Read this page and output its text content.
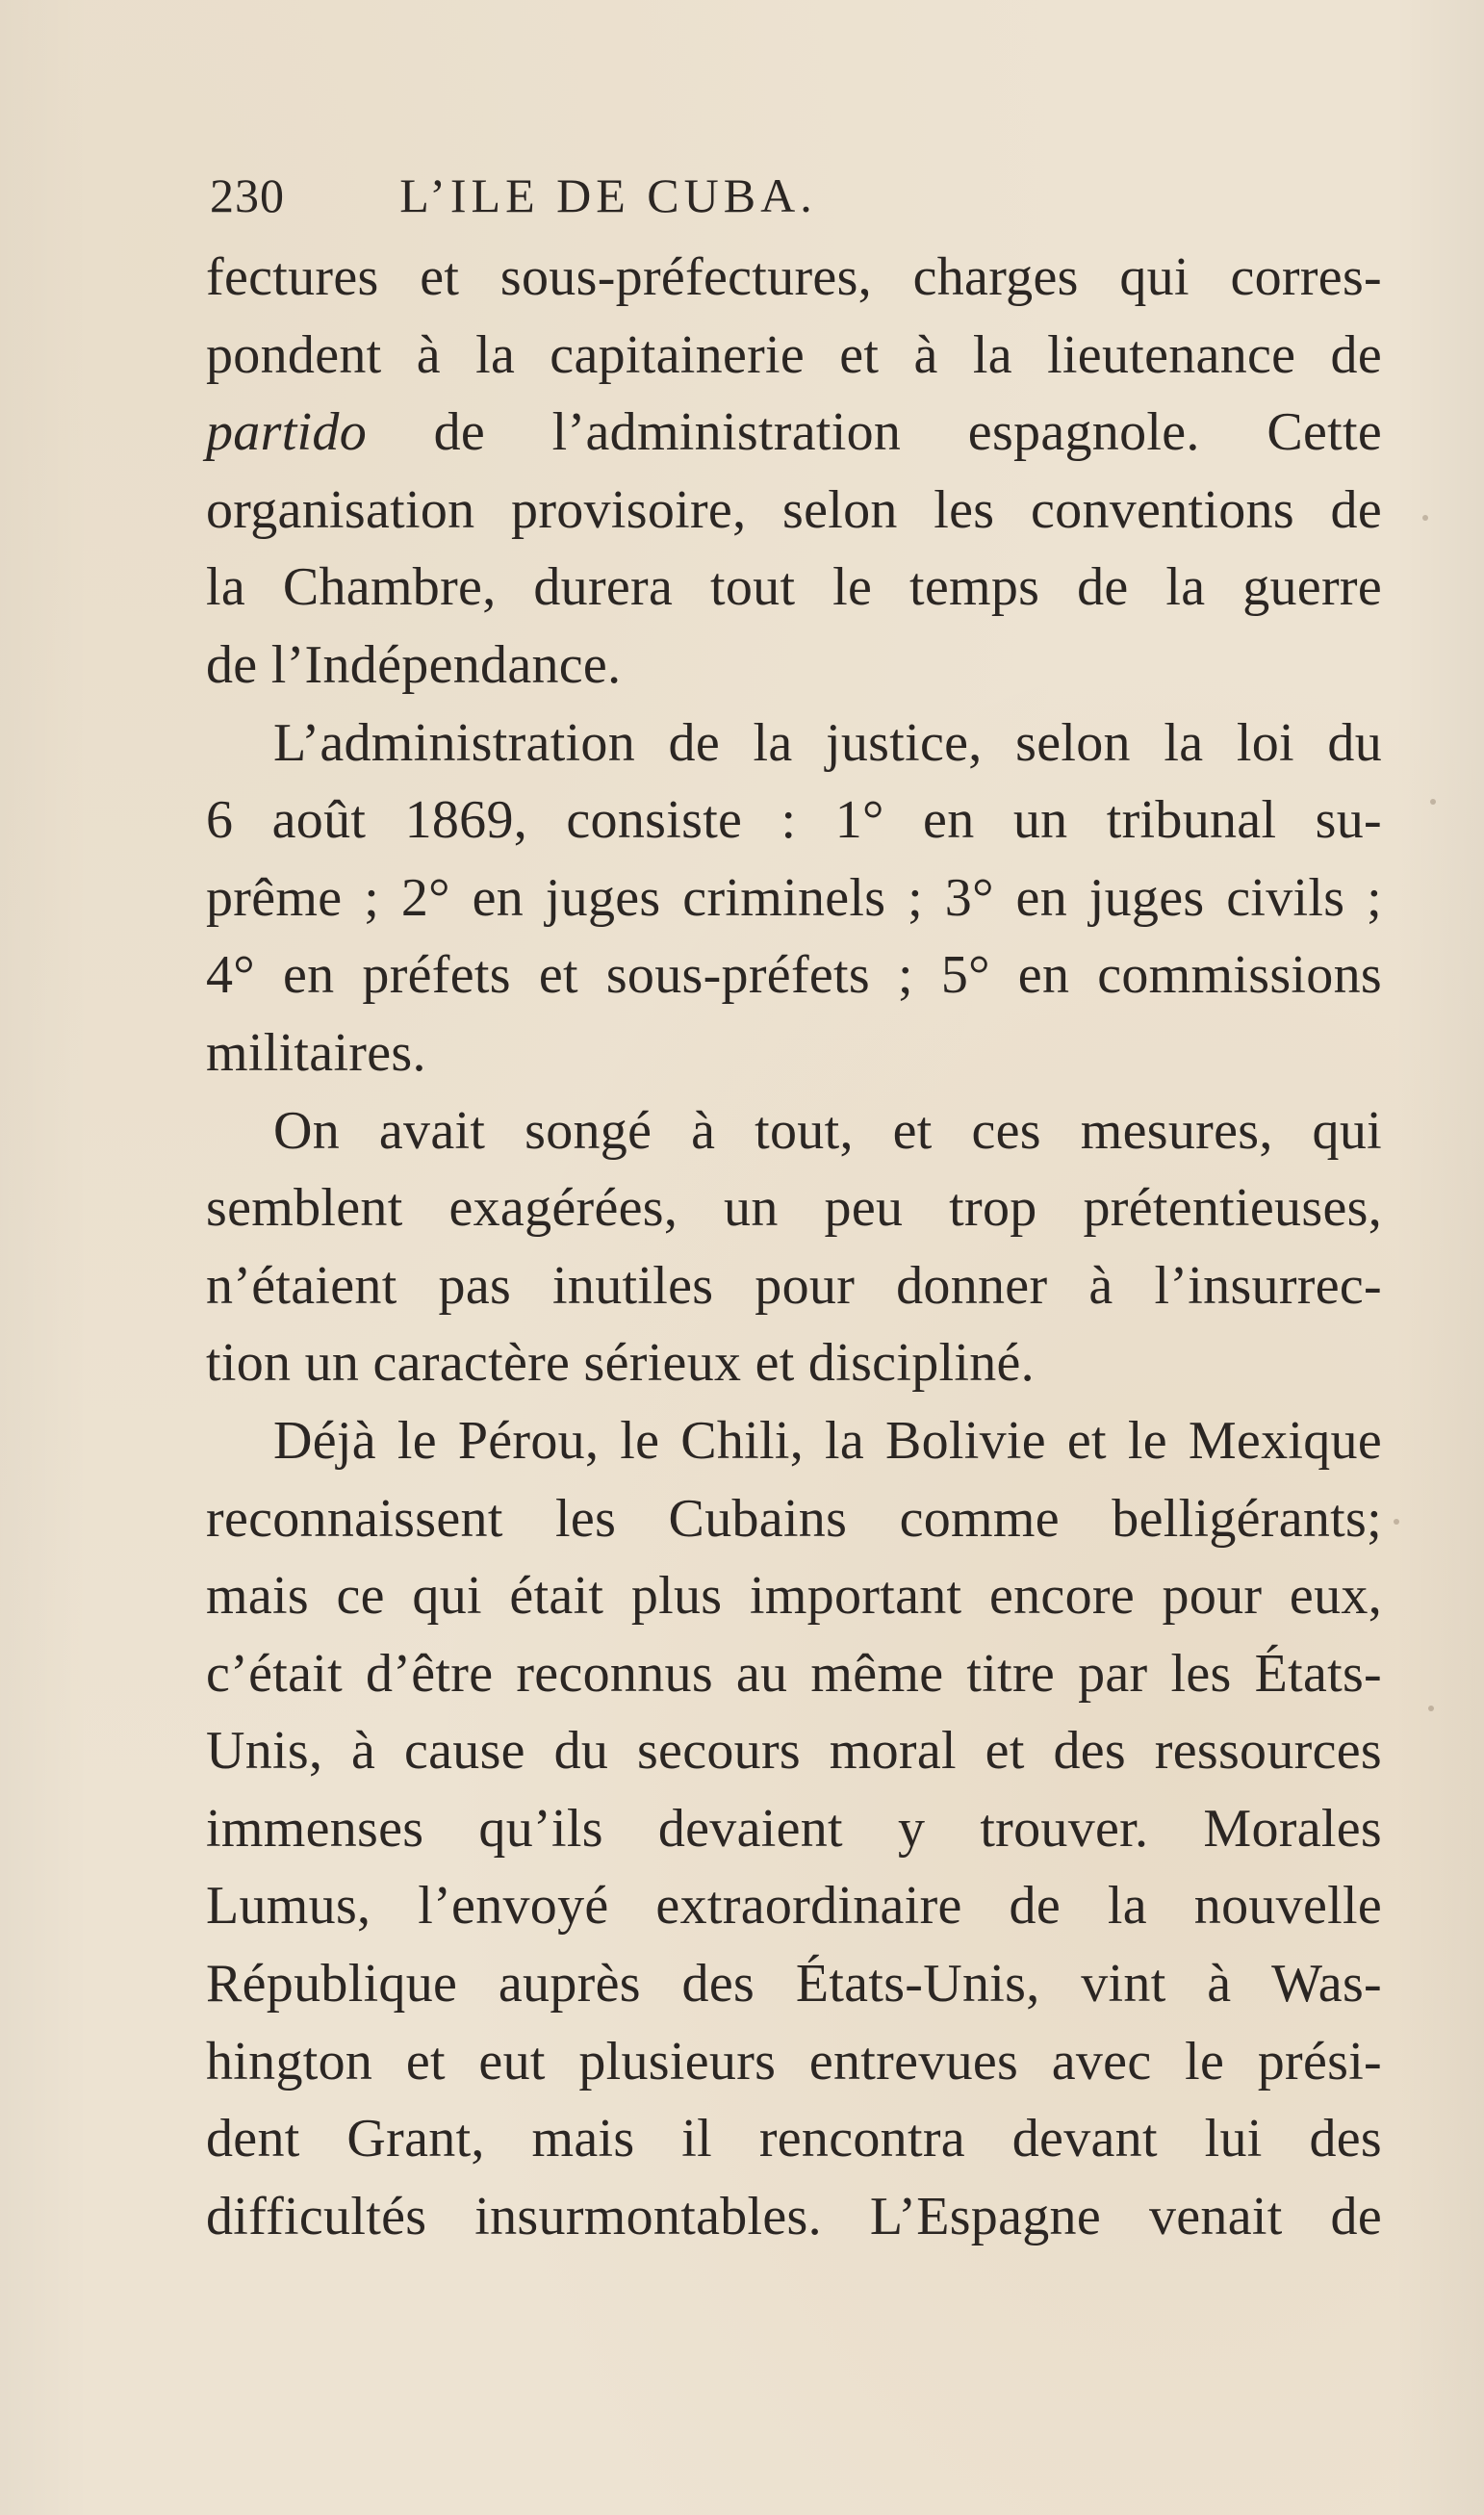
230	L’ILE DE CUBA.
fectures et sous-préfectures, charges qui corres-
pondent à la capitainerie et à la lieutenance de
partido de l’administration espagnole. Cette
organisation provisoire, selon les conventions de
la Chambre, durera tout le temps de la guerre
de l’Indépendance.
L’administration de la justice, selon la loi du
6 août 1869, consiste : 1° en un tribunal su-
prême ; 2° en juges criminels ; 3° en juges civils ;
4° en préfets et sous-préfets ; 5° en commissions
militaires.
On avait songé à tout, et ces mesures, qui
semblent exagérées, un peu trop prétentieuses,
n’étaient pas inutiles pour donner à l’insurrec-
tion un caractère sérieux et discipliné.
Déjà le Pérou, le Chili, la Bolivie et le Mexique
reconnaissent les Cubains comme belligérants;
mais ce qui était plus important encore pour eux,
c’était d’être reconnus au même titre par les États-
Unis, à cause du secours moral et des ressources
immenses qu’ils devaient y trouver. Morales
Lumus, l’envoyé extraordinaire de la nouvelle
République auprès des États-Unis, vint à Was-
hington et eut plusieurs entrevues avec le prési-
dent Grant, mais il rencontra devant lui des
difficultés insurmontables. L’Espagne venait de
